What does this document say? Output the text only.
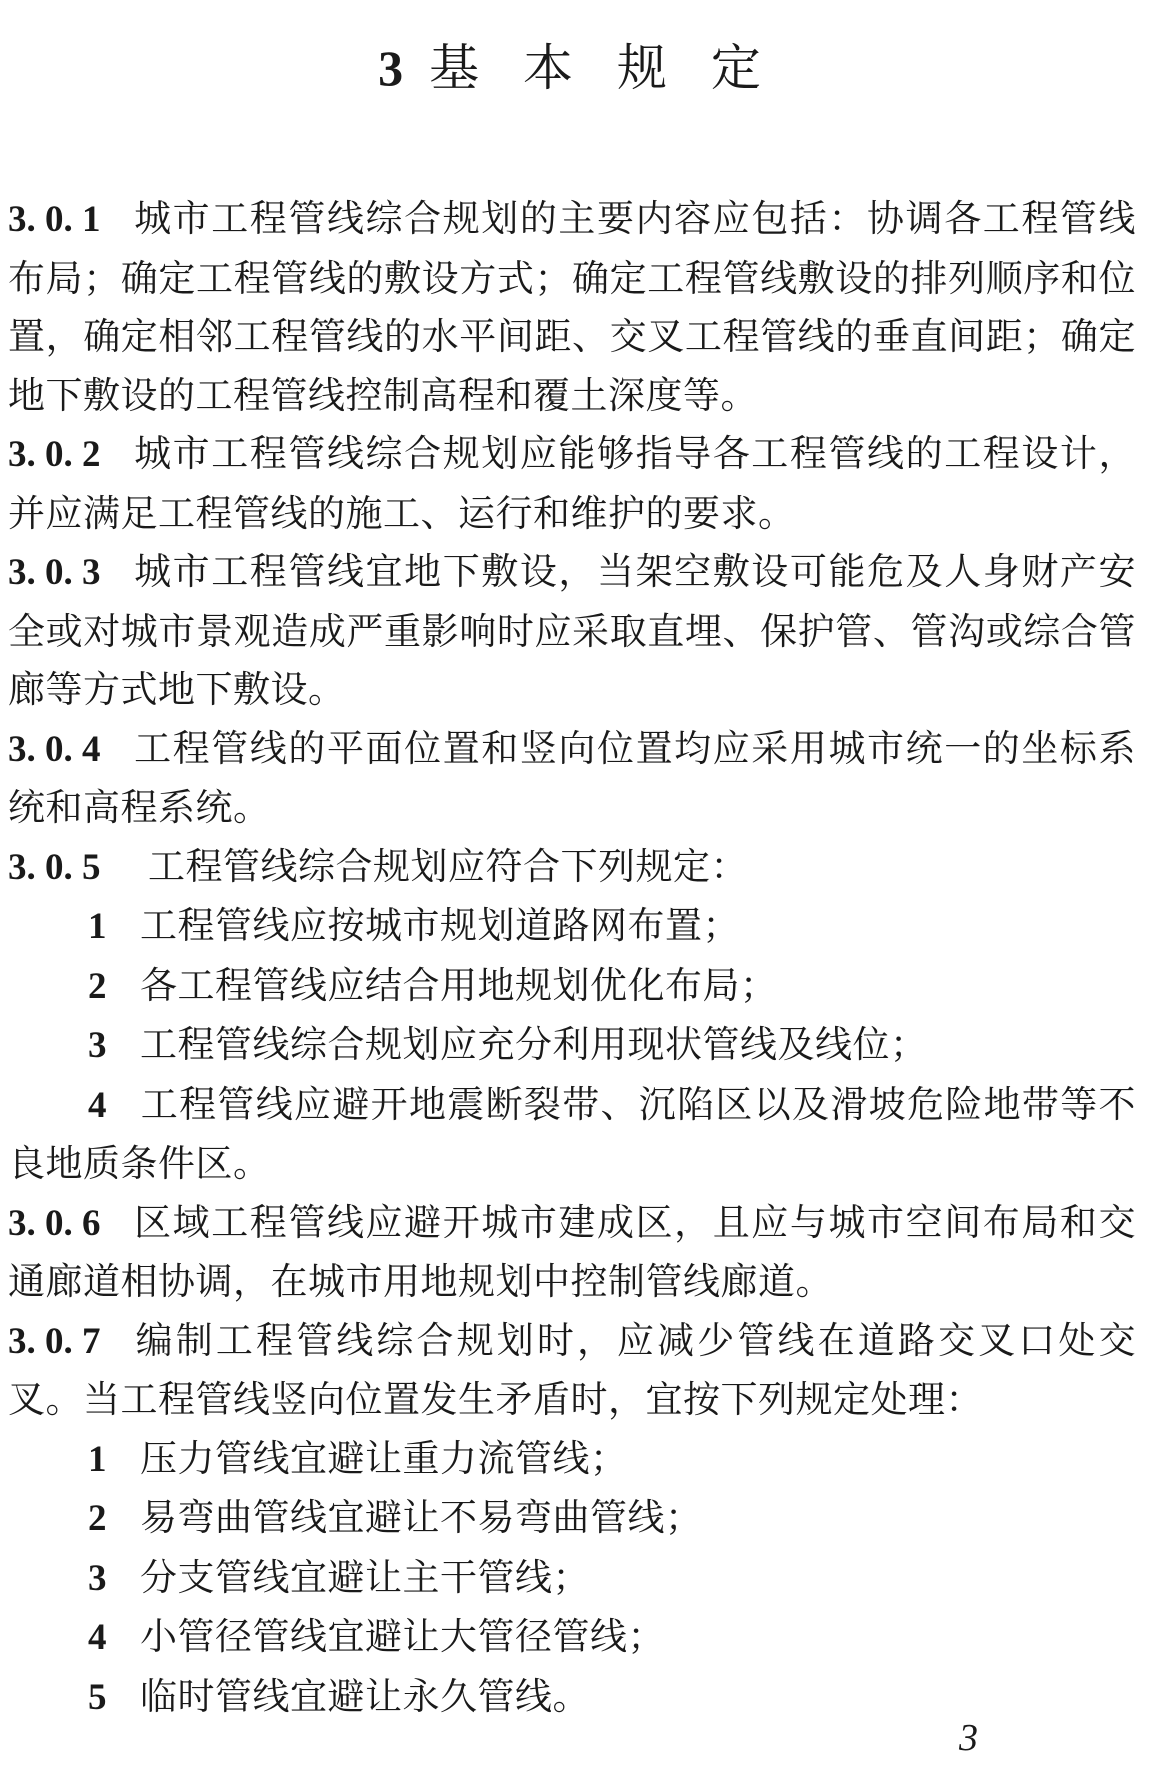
3 基 本 规 定

3. 0. 1 城市工程管线综合规划的主要内容应包括：协调各工程管线布局；确定工程管线的敷设方式；确定工程管线敷设的排列顺序和位置，确定相邻工程管线的水平间距、交叉工程管线的垂直间距；确定地下敷设的工程管线控制高程和覆土深度等。

3. 0. 2 城市工程管线综合规划应能够指导各工程管线的工程设计，并应满足工程管线的施工、运行和维护的要求。

3. 0. 3 城市工程管线宜地下敷设，当架空敷设可能危及人身财产安全或对城市景观造成严重影响时应采取直埋、保护管、管沟或综合管廊等方式地下敷设。

3. 0. 4 工程管线的平面位置和竖向位置均应采用城市统一的坐标系统和高程系统。

3. 0. 5 工程管线综合规划应符合下列规定：

1 工程管线应按城市规划道路网布置；

2 各工程管线应结合用地规划优化布局；

3 工程管线综合规划应充分利用现状管线及线位；

4 工程管线应避开地震断裂带、沉陷区以及滑坡危险地带等不良地质条件区。

3. 0. 6 区域工程管线应避开城市建成区，且应与城市空间布局和交通廊道相协调，在城市用地规划中控制管线廊道。

3. 0. 7 编制工程管线综合规划时，应减少管线在道路交叉口处交叉。当工程管线竖向位置发生矛盾时，宜按下列规定处理：

1 压力管线宜避让重力流管线；

2 易弯曲管线宜避让不易弯曲管线；

3 分支管线宜避让主干管线；

4 小管径管线宜避让大管径管线；

5 临时管线宜避让永久管线。

3
